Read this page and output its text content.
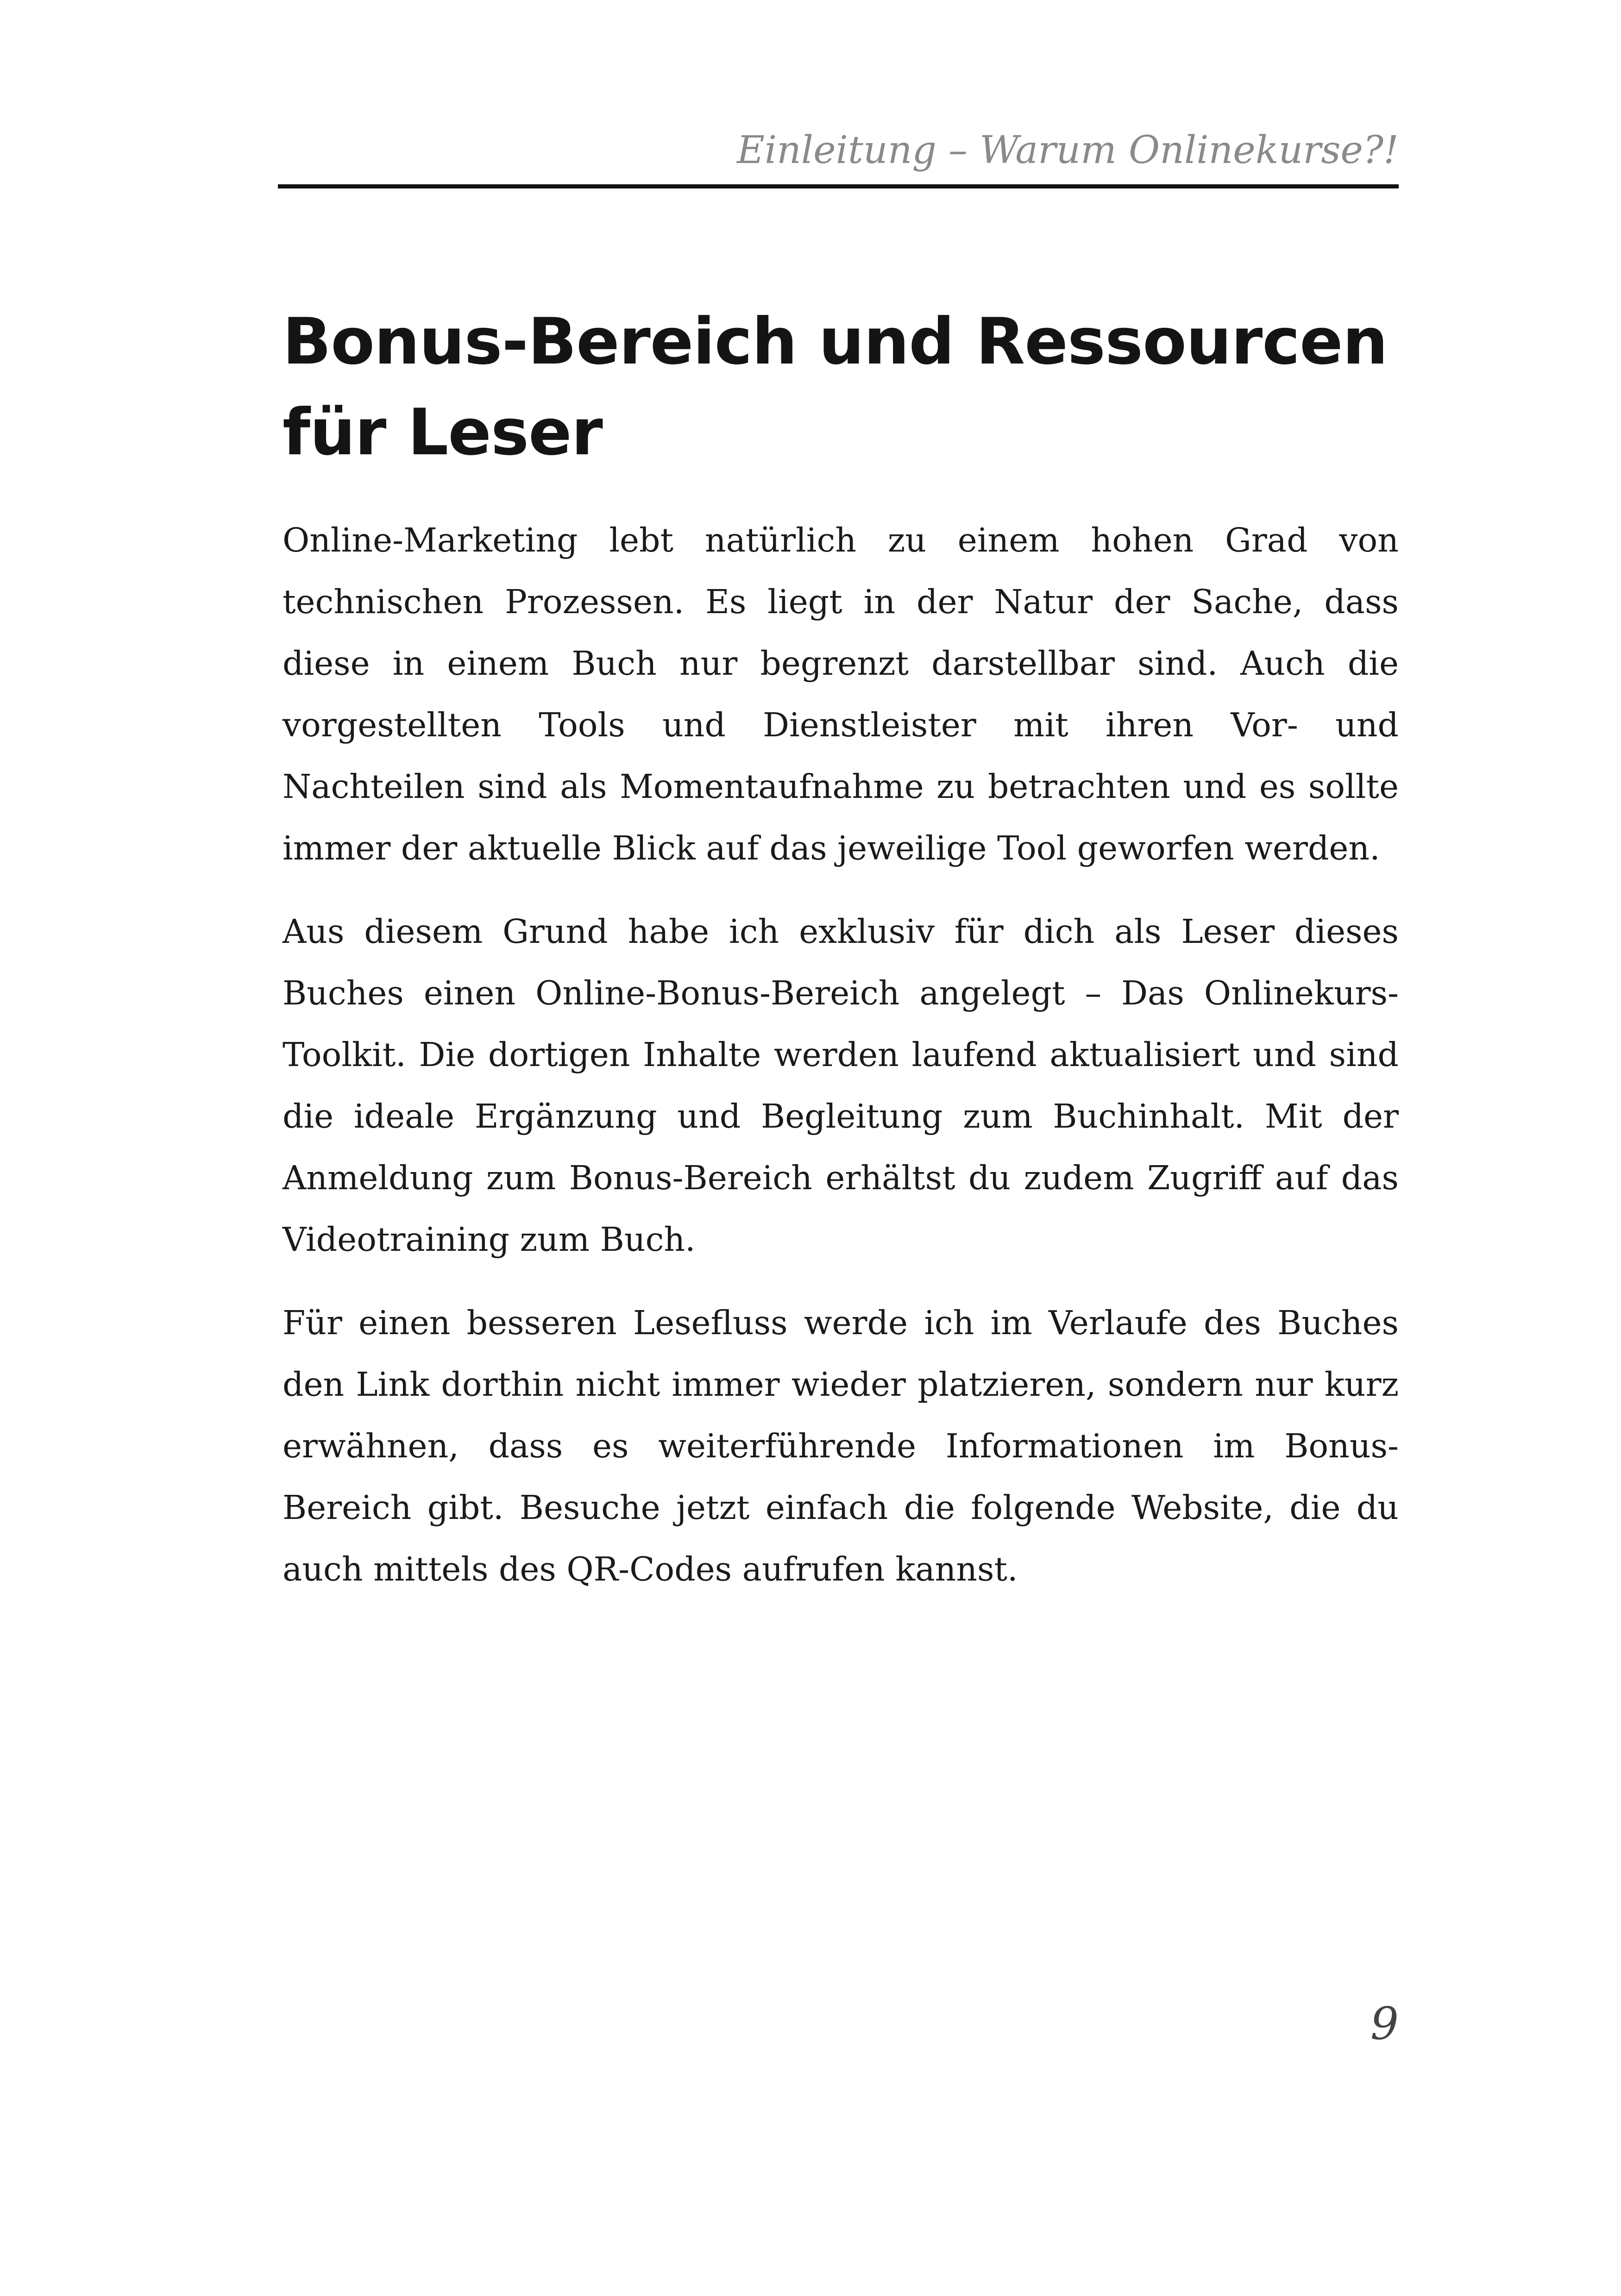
Einleitung – Warum Onlinekurse?!
Bonus-Bereich und Ressourcen für Leser

Online-Marketing lebt natürlich zu einem hohen Grad von technischen Prozessen. Es liegt in der Natur der Sache, dass diese in einem Buch nur begrenzt darstellbar sind. Auch die vorgestellten Tools und Dienstleister mit ihren Vor- und Nachteilen sind als Momentaufnahme zu betrachten und es sollte immer der aktuelle Blick auf das jeweilige Tool geworfen werden.

Aus diesem Grund habe ich exklusiv für dich als Leser dieses Buches einen Online-Bonus-Bereich angelegt – Das Onlinekurs-Toolkit. Die dortigen Inhalte werden laufend aktualisiert und sind die ideale Ergänzung und Begleitung zum Buchinhalt. Mit der Anmeldung zum Bonus-Bereich erhältst du zudem Zugriff auf das Videotraining zum Buch.

Für einen besseren Lesefluss werde ich im Verlaufe des Buches den Link dorthin nicht immer wieder platzieren, sondern nur kurz erwähnen, dass es weiterführende Informationen im Bonus-Bereich gibt. Besuche jetzt einfach die folgende Website, die du auch mittels des QR-Codes aufrufen kannst.

9
